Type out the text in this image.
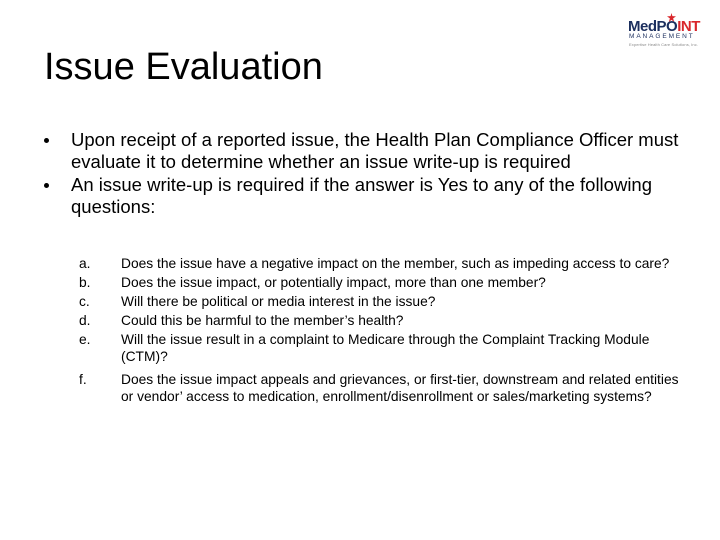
MedPOINT
MANAGEMENT
Expertise Health Care Solutions, Inc.
Issue Evaluation
Upon receipt of a reported issue, the Health Plan Compliance Officer must evaluate it to determine whether an issue write-up is required
An issue write-up is required if the answer is Yes to any of the following questions:
a. Does the issue have a negative impact on the member, such as impeding access to care?
b. Does the issue impact, or potentially impact, more than one member?
c. Will there be political or media interest in the issue?
d. Could this be harmful to the member’s health?
e. Will the issue result in a complaint to Medicare through the Complaint Tracking Module (CTM)?
f. Does the issue impact appeals and grievances, or first-tier, downstream and related entities or vendor’ access to medication, enrollment/disenrollment or sales/marketing systems?
